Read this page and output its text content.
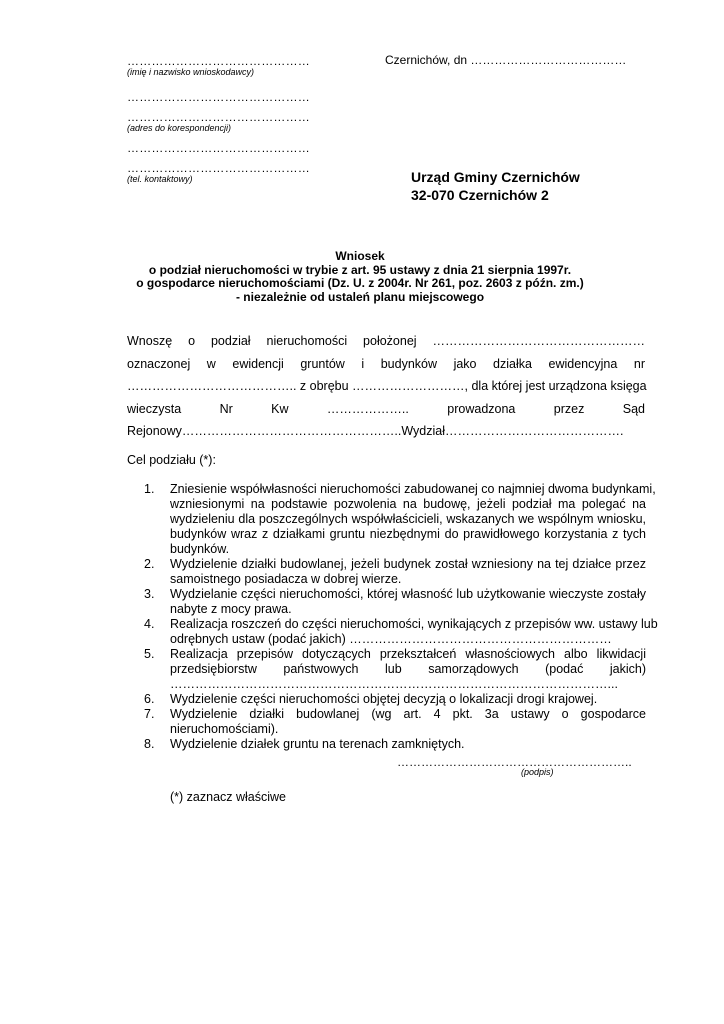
………………………………………
(imię i nazwisko wnioskodawcy)
………………………………………
………………………………………
(adres do korespondencji)
………………………………………
………………………………………
(tel. kontaktowy)
Czernichów, dn …………………………………
Urząd Gminy Czernichów
32-070 Czernichów 2
Wniosek
o podział nieruchomości w trybie z art. 95 ustawy z dnia 21 sierpnia 1997r.
o gospodarce nieruchomościami (Dz. U. z 2004r. Nr 261, poz. 2603 z późn. zm.)
- niezależnie od ustaleń planu miejscowego
Wnoszę o podział nieruchomości położonej ……………………………………………
oznaczonej w ewidencji gruntów i budynków jako działka ewidencyjna nr
………………………………….. z obrębu ………………………, dla której jest urządzona księga
wieczysta Nr Kw ……………….. prowadzona przez Sąd
Rejonowy……………………………………………..Wydział…………………………………….
Cel podziału (*):
1. Zniesienie współwłasności nieruchomości zabudowanej co najmniej dwoma budynkami,
wzniesionymi na podstawie pozwolenia na budowę, jeżeli podział ma polegać na
wydzieleniu dla poszczególnych współwłaścicieli, wskazanych we wspólnym wniosku,
budynków wraz z działkami gruntu niezbędnymi do prawidłowego korzystania z tych
budynków.
2. Wydzielenie działki budowlanej, jeżeli budynek został wzniesiony na tej działce przez
samoistnego posiadacza w dobrej wierze.
3. Wydzielanie części nieruchomości, której własność lub użytkowanie wieczyste zostały
nabyte z mocy prawa.
4. Realizacja roszczeń do części nieruchomości, wynikających z przepisów ww. ustawy lub
odrębnych ustaw (podać jakich) ………………………………………………………
5. Realizacja przepisów dotyczących przekształceń własnościowych albo likwidacji
przedsiębiorstw państwowych lub samorządowych (podać jakich)
……………………………………………………………………………………………...
6. Wydzielenie części nieruchomości objętej decyzją o lokalizacji drogi krajowej.
7. Wydzielenie działki budowlanej (wg art. 4 pkt. 3a ustawy o gospodarce
nieruchomościami).
8. Wydzielenie działek gruntu na terenach zamkniętych.
…………………………………………………..
(podpis)
(*) zaznacz właściwe
